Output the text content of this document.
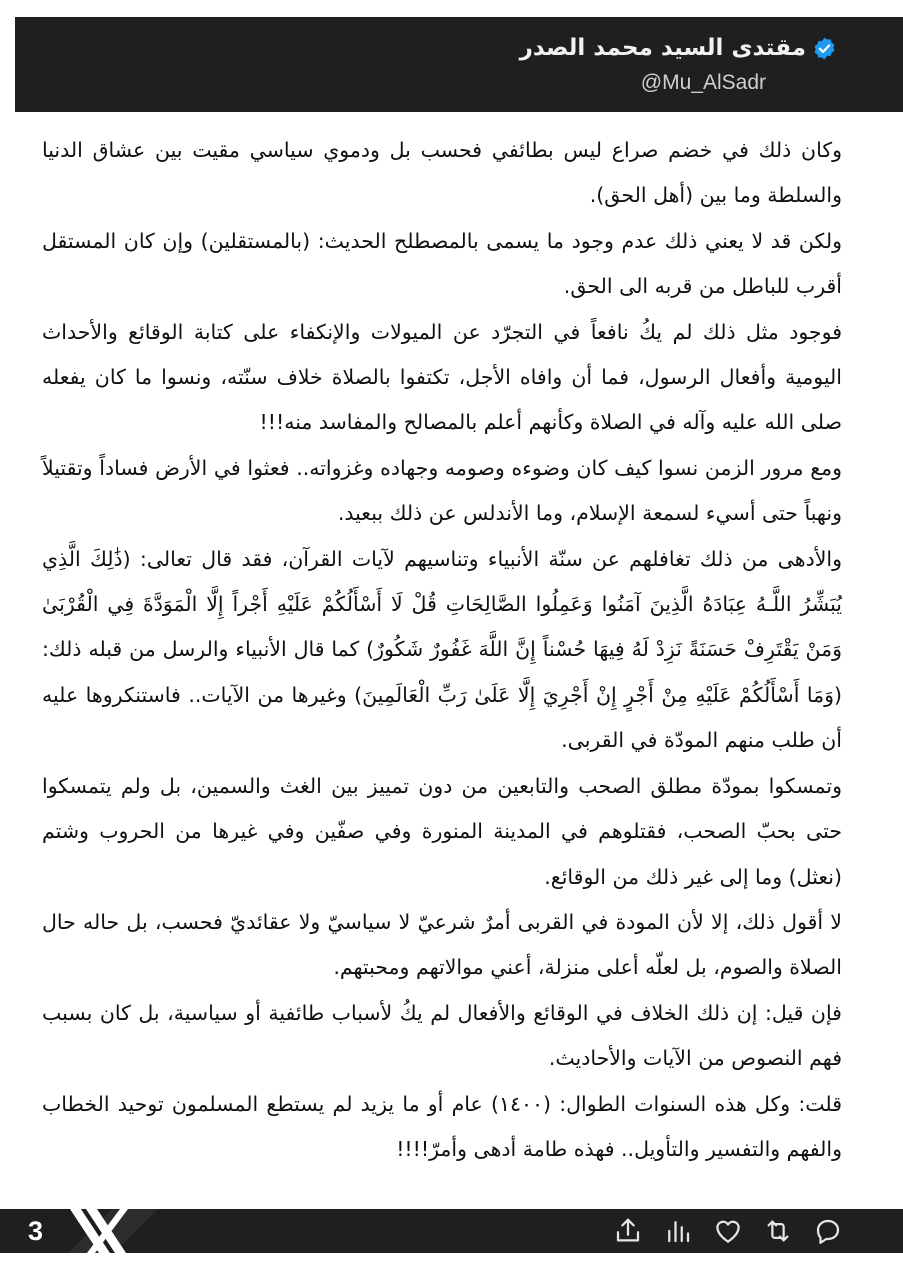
مقتدى السيد محمد الصدر
@Mu_AlSadr

وكان ذلك في خضم صراع ليس بطائفي فحسب بل ودموي سياسي مقيت بين عشاق الدنيا والسلطة وما بين (أهل الحق).

ولكن قد لا يعني ذلك عدم وجود ما يسمى بالمصطلح الحديث: (بالمستقلين) وإن كان المستقل أقرب للباطل من قربه الى الحق.

فوجود مثل ذلك لم يكُ نافعاً في التجرّد عن الميولات والإنكفاء على كتابة الوقائع والأحداث اليومية وأفعال الرسول، فما أن وافاه الأجل، تكتفوا بالصلاة خلاف سنّته، ونسوا ما كان يفعله صلى الله عليه وآله في الصلاة وكأنهم أعلم بالمصالح والمفاسد منه!!!

ومع مرور الزمن نسوا كيف كان وضوءه وصومه وجهاده وغزواته.. فعثوا في الأرض فساداً وتقتيلاً ونهباً حتى أسيء لسمعة الإسلام، وما الأندلس عن ذلك ببعيد.

والأدهى من ذلك تغافلهم عن سنّة الأنبياء وتناسيهم لآيات القرآن، فقد قال تعالى: (ذَٰلِكَ الَّذِي يُبَشِّرُ اللَّـهُ عِبَادَهُ الَّذِينَ آمَنُوا وَعَمِلُوا الصَّالِحَاتِ قُلْ لَا أَسْأَلُكُمْ عَلَيْهِ أَجْراً إِلَّا الْمَوَدَّةَ فِي الْقُرْبَىٰ وَمَنْ يَقْتَرِفْ حَسَنَةً نَزِدْ لَهُ فِيهَا حُسْناً إِنَّ اللَّهَ غَفُورٌ شَكُورٌ) كما قال الأنبياء والرسل من قبله ذلك: (وَمَا أَسْأَلُكُمْ عَلَيْهِ مِنْ أَجْرٍ إِنْ أَجْرِيَ إِلَّا عَلَىٰ رَبِّ الْعَالَمِينَ) وغيرها من الآيات.. فاستنكروها عليه أن طلب منهم المودّة في القربى.

وتمسكوا بمودّة مطلق الصحب والتابعين من دون تمييز بين الغث والسمين، بل ولم يتمسكوا حتى بحبّ الصحب، فقتلوهم في المدينة المنورة وفي صفّين وفي غيرها من الحروب وشتم (نعثل) وما إلى غير ذلك من الوقائع.

لا أقول ذلك، إلا لأن المودة في القربى أمرٌ شرعيّ لا سياسيّ ولا عقائديّ فحسب، بل حاله حال الصلاة والصوم، بل لعلّه أعلى منزلة، أعني موالاتهم ومحبتهم.

فإن قيل: إن ذلك الخلاف في الوقائع والأفعال لم يكُ لأسباب طائفية أو سياسية، بل كان بسبب فهم النصوص من الآيات والأحاديث.

قلت: وكل هذه السنوات الطوال: (١٤٠٠) عام أو ما يزيد لم يستطع المسلمون توحيد الخطاب والفهم والتفسير والتأويل.. فهذه طامة أدهى وأمرّ!!!!

3
